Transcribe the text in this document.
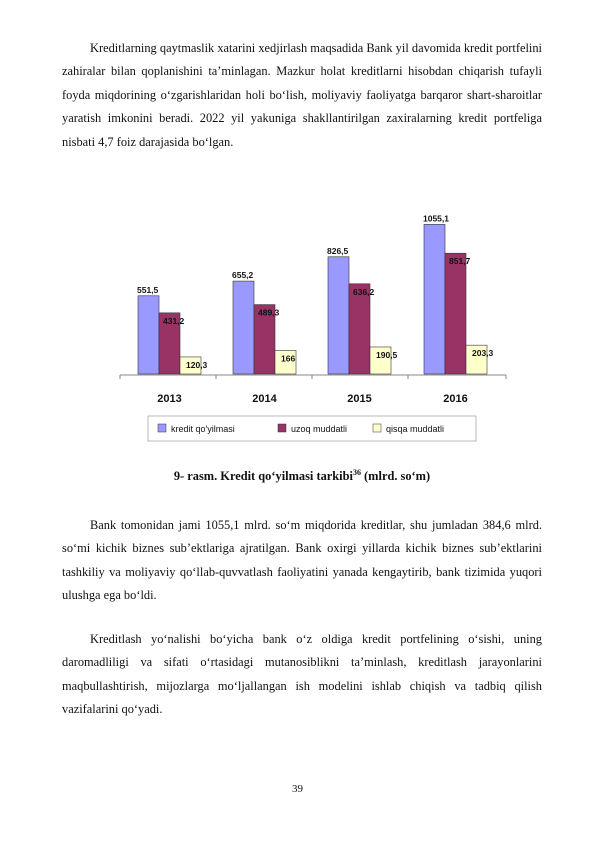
Kreditlarning qaytmaslik xatarini xedjirlash maqsadida Bank yil davomida kredit portfelini zahiralar bilan qoplanishini ta’minlagan. Mazkur holat kreditlarni hisobdan chiqarish tufayli foyda miqdorining o‘zgarishlaridan holi bo‘lish, moliyaviy faoliyatga barqaror shart-sharoitlar yaratish imkonini beradi. 2022 yil yakuniga shakllantirilgan zaxiralarning kredit portfeliga nisbati 4,7 foiz darajasida bo‘lgan.

551,5
431,2
120,3
655,2
489,3
166
826,5
636,2
190,5
1055,1
851,7
203,3
2013	2014	2015	2016
kredit qo'yilmasi	uzoq muddatli	qisqa muddatli
9- rasm. Kredit qo‘yilmasi tarkibi$^{36}$ (mlrd. so‘m)

Bank tomonidan jami 1055,1 mlrd. so‘m miqdorida kreditlar, shu jumladan 384,6 mlrd. so‘mi kichik biznes sub’ektlariga ajratilgan. Bank oxirgi yillarda kichik biznes sub’ektlarini tashkiliy va moliyaviy qo‘llab-quvvatlash faoliyatini yanada kengaytirib, bank tizimida yuqori ulushga ega bo‘ldi.

Kreditlash yo‘nalishi bo‘yicha bank o‘z oldiga kredit portfelining o‘sishi, uning daromadliligi va sifati o‘rtasidagi mutanosiblikni ta’minlash, kreditlash jarayonlarini maqbullashtirish, mijozlarga mo‘ljallangan ish modelini ishlab chiqish va tadbiq qilish vazifalarini qo‘yadi.

39
